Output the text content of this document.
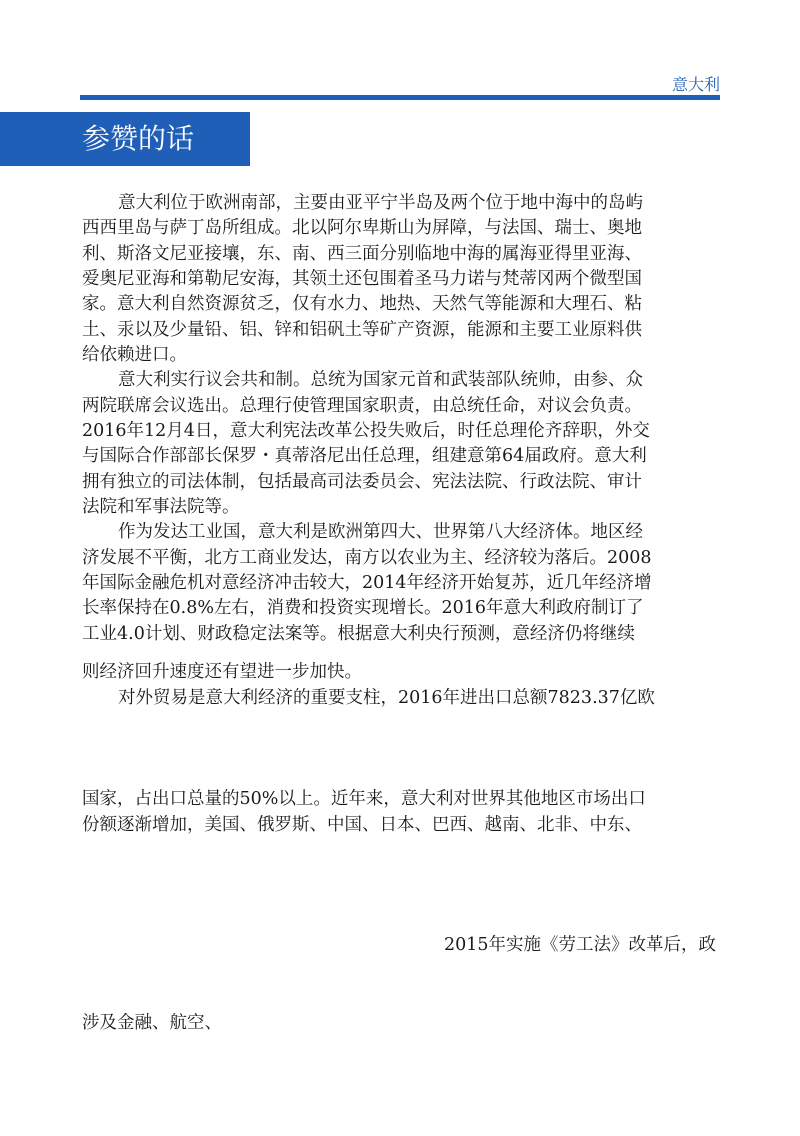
意大利
参赞的话

意大利位于欧洲南部，主要由亚平宁半岛及两个位于地中海中的岛屿

西西里岛与萨丁岛所组成。北以阿尔卑斯山为屏障，与法国、瑞士、奥地

利、斯洛文尼亚接壤，东、南、西三面分别临地中海的属海亚得里亚海、

爱奥尼亚海和第勒尼安海，其领土还包围着圣马力诺与梵蒂冈两个微型国

家。意大利自然资源贫乏，仅有水力、地热、天然气等能源和大理石、粘

土、汞以及少量铅、铝、锌和铝矾土等矿产资源，能源和主要工业原料供

给依赖进口。

意大利实行议会共和制。总统为国家元首和武装部队统帅，由参、众

两院联席会议选出。总理行使管理国家职责，由总统任命，对议会负责。

2016年12月4日，意大利宪法改革公投失败后，时任总理伦齐辞职，外交

与国际合作部部长保罗・真蒂洛尼出任总理，组建意第64届政府。意大利

拥有独立的司法体制，包括最高司法委员会、宪法法院、行政法院、审计

法院和军事法院等。

作为发达工业国，意大利是欧洲第四大、世界第八大经济体。地区经

济发展不平衡，北方工商业发达，南方以农业为主、经济较为落后。2008

年国际金融危机对意经济冲击较大，2014年经济开始复苏，近几年经济增

长率保持在0.8%左右，消费和投资实现增长。2016年意大利政府制订了

工业4.0计划、财政稳定法案等。根据意大利央行预测，意经济仍将继续

则经济回升速度还有望进一步加快。

对外贸易是意大利经济的重要支柱，2016年进出口总额7823.37亿欧

国家，占出口总量的50%以上。近年来，意大利对世界其他地区市场出口

份额逐渐增加，美国、俄罗斯、中国、日本、巴西、越南、北非、中东、

2015年实施《劳工法》改革后，政

涉及金融、航空、
